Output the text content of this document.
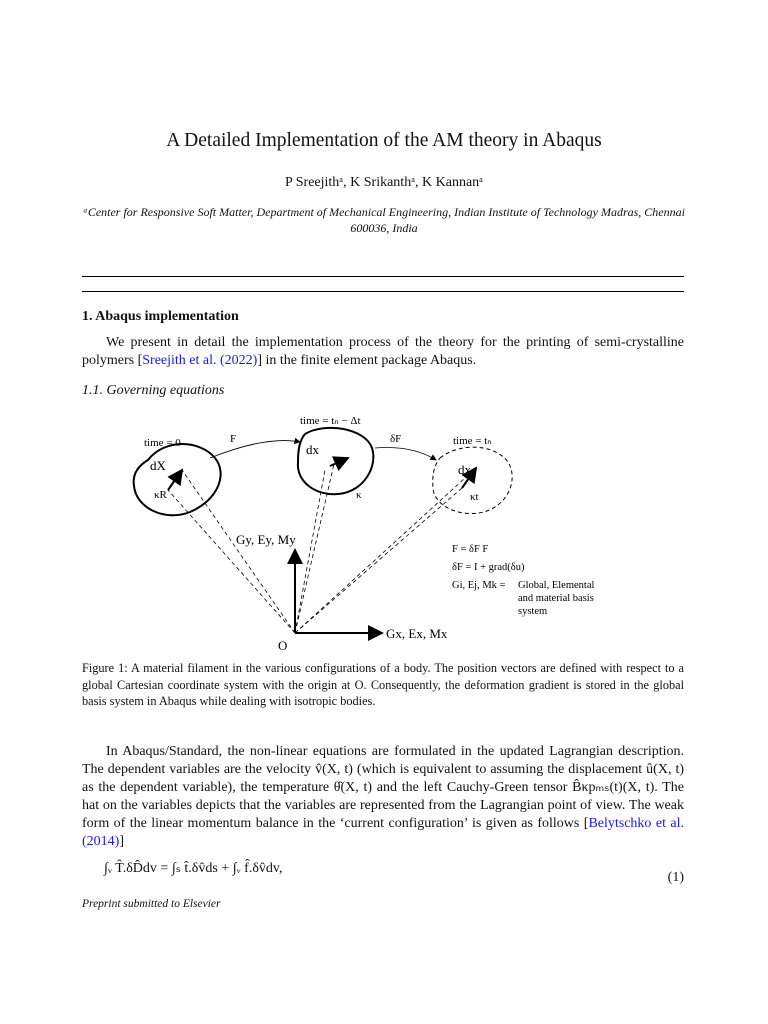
A Detailed Implementation of the AM theory in Abaqus
P Sreejithᵃ, K Srikanthᵃ, K Kannanᵃ
ᵃCenter for Responsive Soft Matter, Department of Mechanical Engineering, Indian Institute of Technology Madras, Chennai 600036, India
1. Abaqus implementation
We present in detail the implementation process of the theory for the printing of semi-crystalline polymers [Sreejith et al. (2022)] in the finite element package Abaqus.
1.1. Governing equations
time = 0
time = tₙ − Δt
time = tₙ
F	δF
dX
κR
dx
κ
dx
κt
Gy, Ey, My
Gx, Ex, Mx
O
F = δF F
δF = I + grad(δu)
Gi, Ej, Mk = Global, Elemental
and material basis
system
Figure 1: A material filament in the various configurations of a body. The position vectors are defined with respect to a global Cartesian coordinate system with the origin at O. Consequently, the deformation gradient is stored in the global basis system in Abaqus while dealing with isotropic bodies.
In Abaqus/Standard, the non-linear equations are formulated in the updated Lagrangian description. The dependent variables are the velocity v̂(X, t) (which is equivalent to assuming the displacement û(X, t) as the dependent variable), the temperature θ̂(X, t) and the left Cauchy-Green tensor B̂κpₘₛ(t)(X, t). The hat on the variables depicts that the variables are represented from the Lagrangian point of view. The weak form of the linear momentum balance in the ‘current configuration’ is given as follows [Belytschko et al. (2014)]
∫ᵥ T̂.δD̂dv = ∫ₛ t̂.δv̂ds + ∫ᵥ f̂.δv̂dv,
(1)
Preprint submitted to Elsevier
